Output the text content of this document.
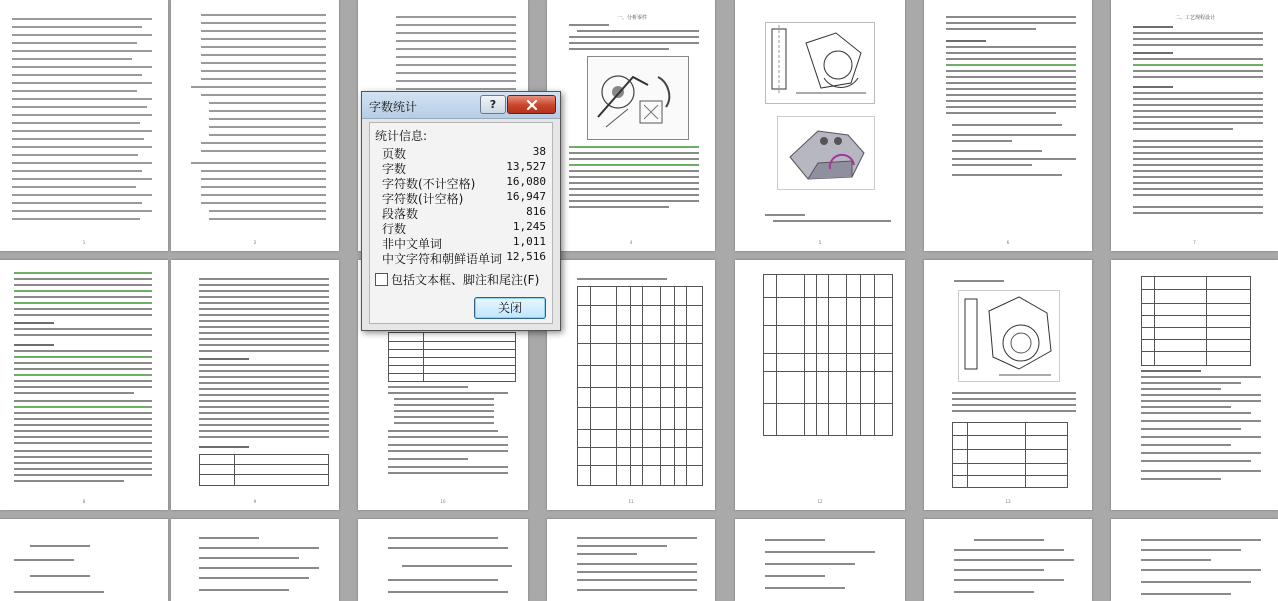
1	2
一、分析零件
4	5	6
二、工艺规程设计
7
8	9	10	11	12	13
字数统计	?
统计信息:
页数	38
字数	13,527
字符数(不计空格)	16,080
字符数(计空格)	16,947
段落数	816
行数	1,245
非中文单词	1,011
中文字符和朝鲜语单词 12,516
包括文本框、脚注和尾注(F)
关闭
